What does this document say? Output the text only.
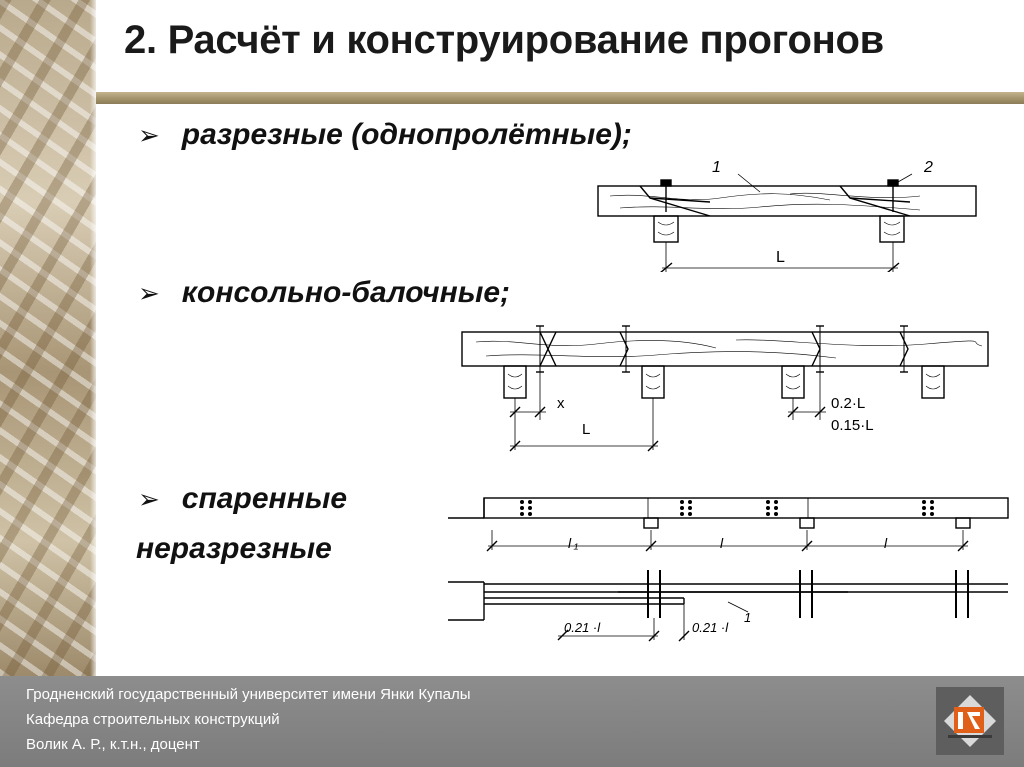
2. Расчёт и конструирование прогонов
➢ разрезные (однопролётные);
➢ консольно-балочные;
➢ спаренные
неразрезные
1	2
L
x
L
0.2·L
0.15·L
l ₁	l	l
0.21 ·l	0.21 ·l
1
Гродненский государственный университет имени Янки Купалы
Кафедра строительных конструкций
Волик А. Р., к.т.н., доцент
